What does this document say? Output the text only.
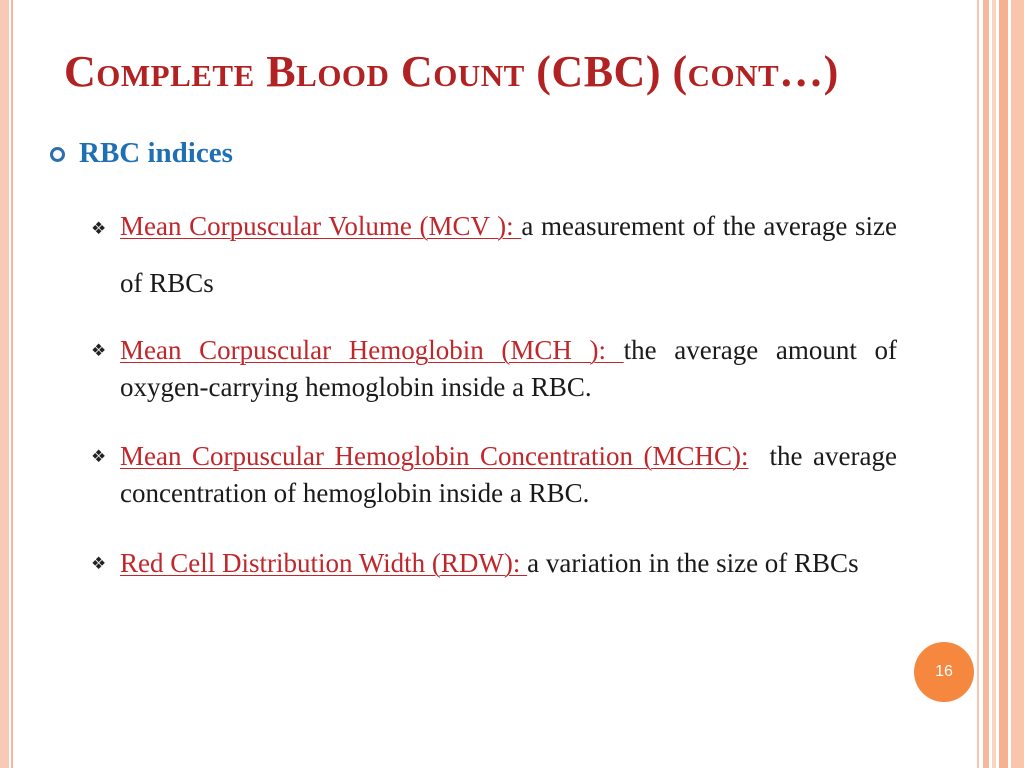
Complete Blood Count (CBC) (cont…)
RBC indices
❖ Mean Corpuscular Volume (MCV ): a measurement of the average size of RBCs
❖ Mean Corpuscular Hemoglobin (MCH ): the average amount of oxygen-carrying hemoglobin inside a RBC.
❖ Mean Corpuscular Hemoglobin Concentration (MCHC):  the average concentration of hemoglobin inside a RBC.
❖ Red Cell Distribution Width (RDW): a variation in the size of RBCs
16
